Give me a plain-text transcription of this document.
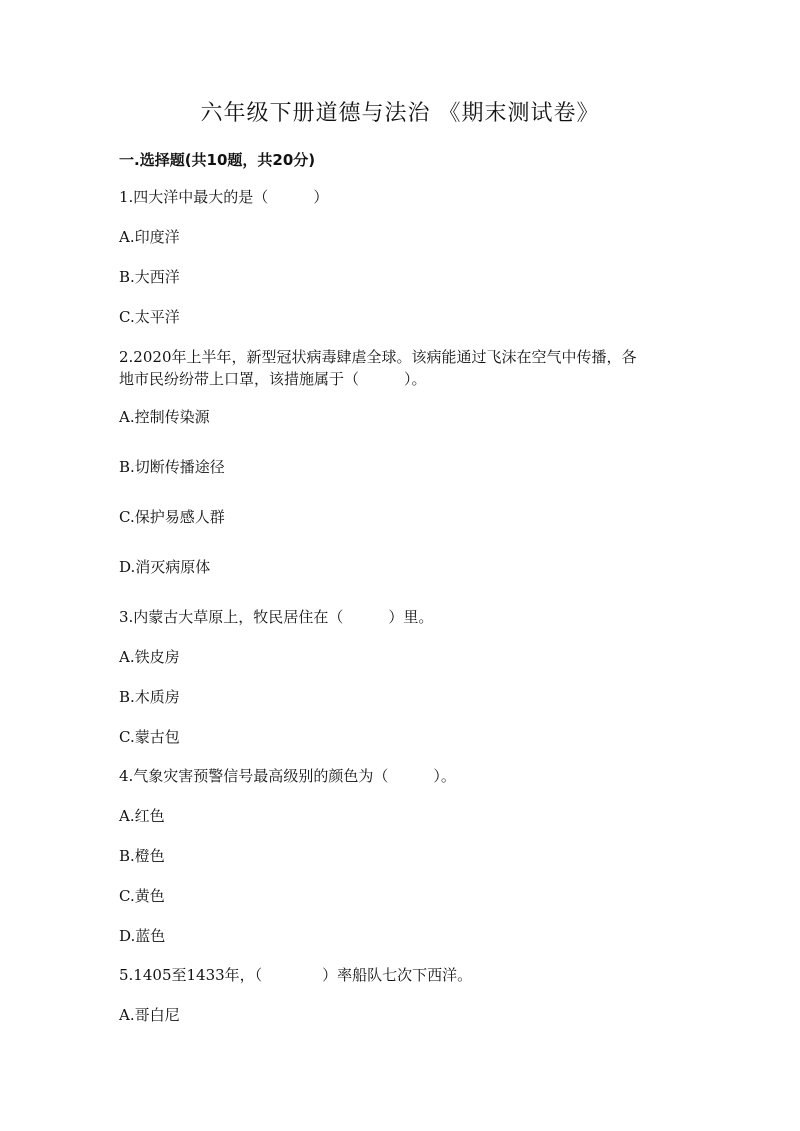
六年级下册道德与法治 《期末测试卷》
一.选择题(共10题，共20分)
1.四大洋中最大的是（　　　）
A.印度洋
B.大西洋
C.太平洋
2.2020年上半年，新型冠状病毒肆虐全球。该病能通过飞沫在空气中传播，各
地市民纷纷带上口罩，该措施属于（　　　）。
A.控制传染源
B.切断传播途径
C.保护易感人群
D.消灭病原体
3.内蒙古大草原上，牧民居住在（　　　）里。
A.铁皮房
B.木质房
C.蒙古包
4.气象灾害预警信号最高级别的颜色为（　　　）。
A.红色
B.橙色
C.黄色
D.蓝色
5.1405至1433年，（　　　　）率船队七次下西洋。
A.哥白尼
